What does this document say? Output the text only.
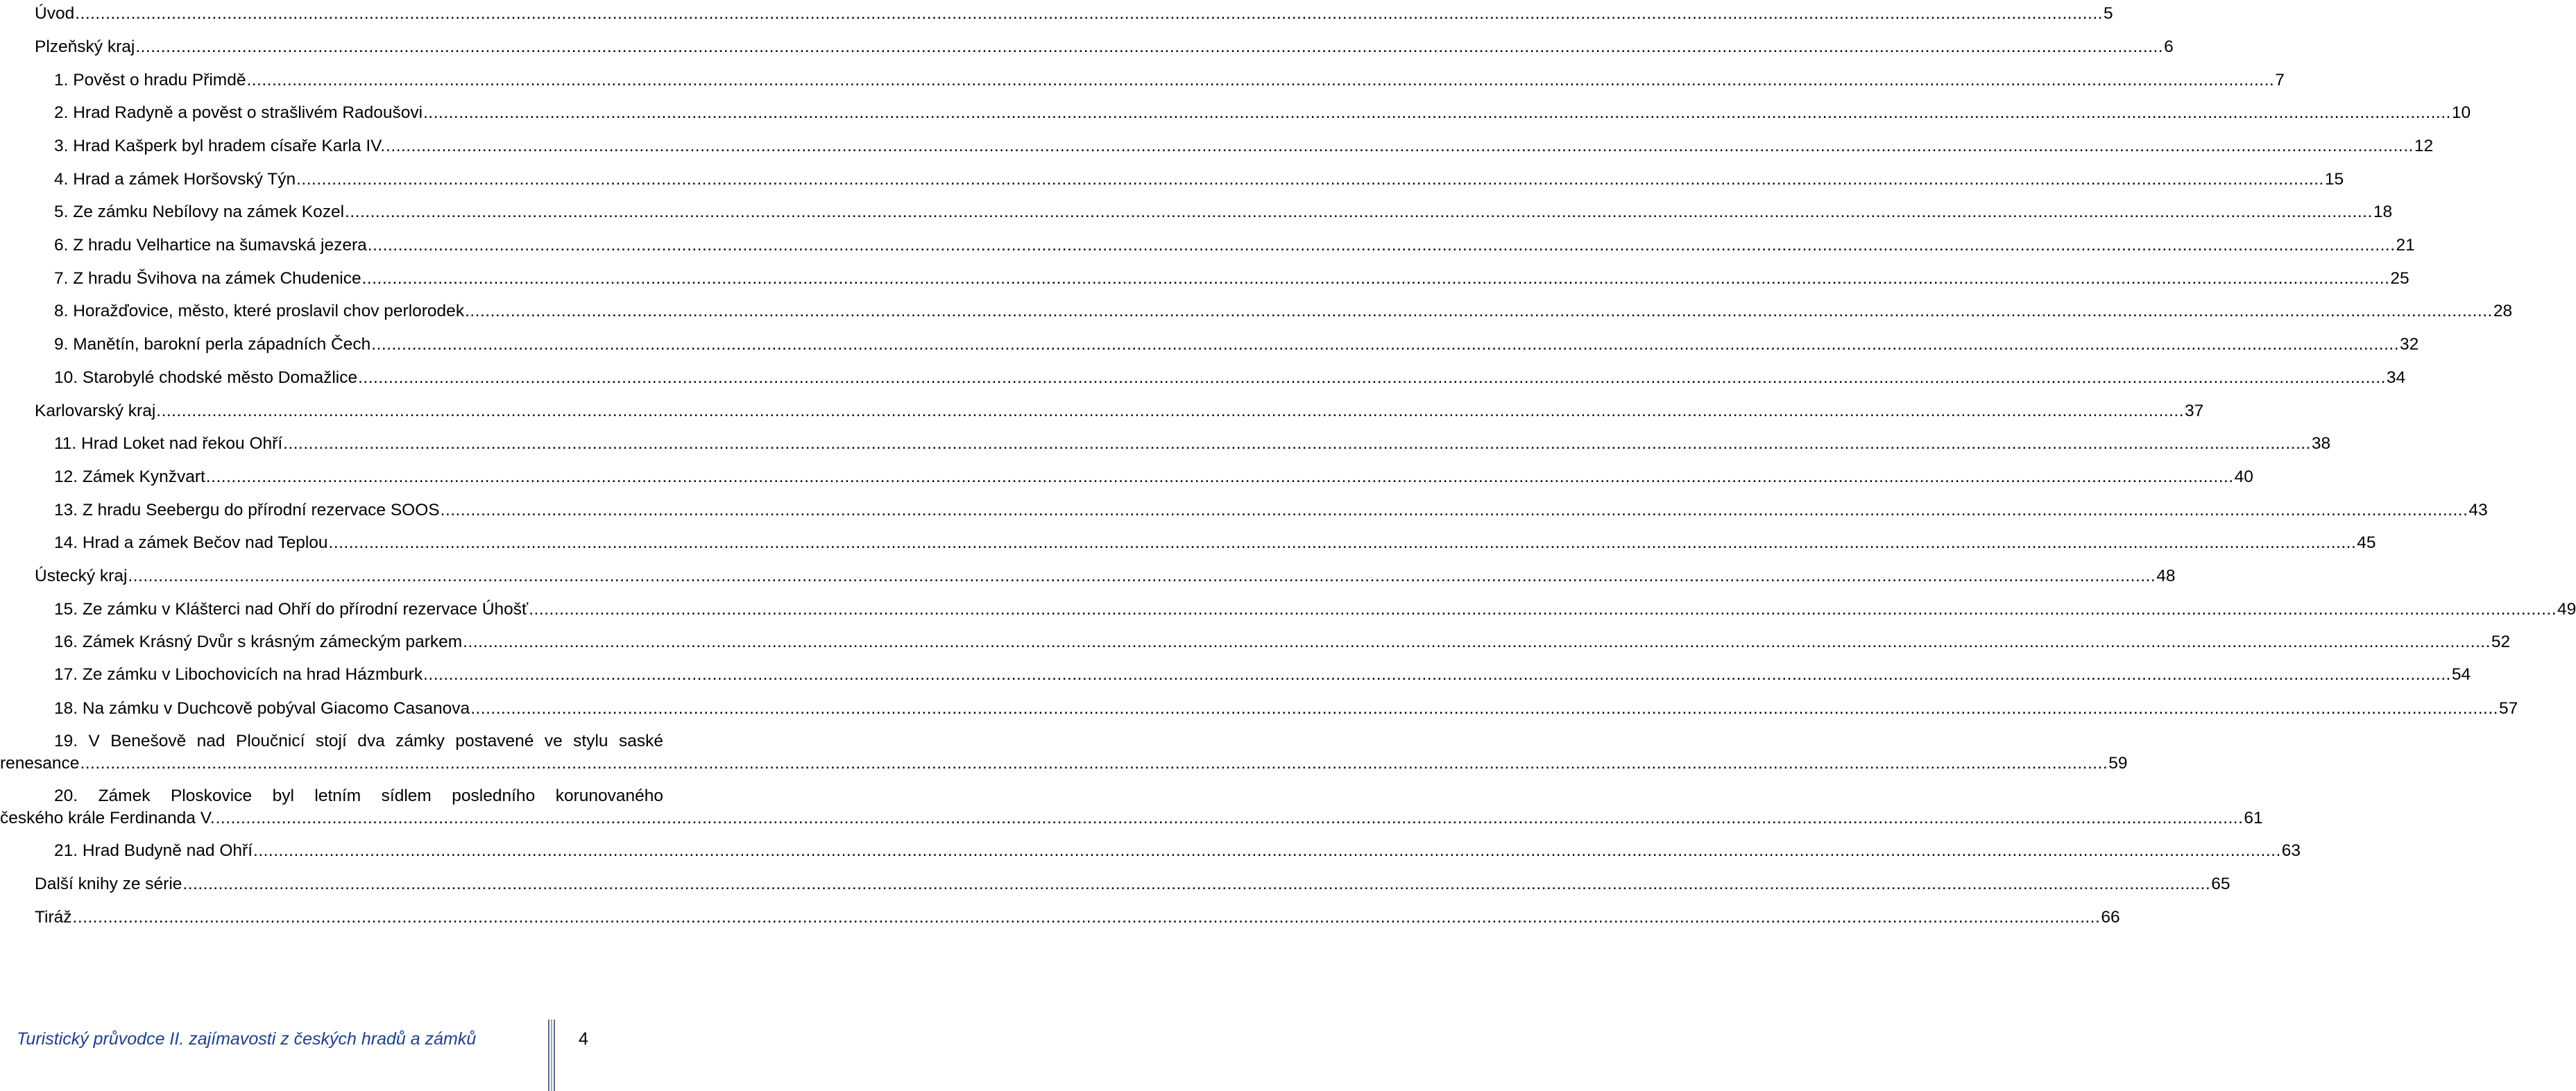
Úvod ................................................................................................................................................................................................................................................................................................................................................................................................................ 5
Plzeňský kraj ................................................................................................................................................................................................................................................................................................................................................................................................................ 6
1. Pověst o hradu Přimdě ................................................................................................................................................................................................................................................................................................................................................................................................................ 7
2. Hrad Radyně a pověst o strašlivém Radoušovi ................................................................................................................................................................................................................................................................................................................................................................................................................ 10
3. Hrad Kašperk byl hradem císaře Karla IV. ................................................................................................................................................................................................................................................................................................................................................................................................................ 12
4. Hrad a zámek Horšovský Týn ................................................................................................................................................................................................................................................................................................................................................................................................................ 15
5. Ze zámku Nebílovy na zámek Kozel ................................................................................................................................................................................................................................................................................................................................................................................................................ 18
6. Z hradu Velhartice na šumavská jezera ................................................................................................................................................................................................................................................................................................................................................................................................................ 21
7. Z hradu Švihova na zámek Chudenice ................................................................................................................................................................................................................................................................................................................................................................................................................ 25
8. Horažďovice, město, které proslavil chov perlorodek ................................................................................................................................................................................................................................................................................................................................................................................................................ 28
9. Manětín, barokní perla západních Čech ................................................................................................................................................................................................................................................................................................................................................................................................................ 32
10. Starobylé chodské město Domažlice ................................................................................................................................................................................................................................................................................................................................................................................................................ 34
Karlovarský kraj ................................................................................................................................................................................................................................................................................................................................................................................................................ 37
11. Hrad Loket nad řekou Ohří ................................................................................................................................................................................................................................................................................................................................................................................................................ 38
12. Zámek Kynžvart ................................................................................................................................................................................................................................................................................................................................................................................................................ 40
13. Z hradu Seebergu do přírodní rezervace SOOS ................................................................................................................................................................................................................................................................................................................................................................................................................ 43
14. Hrad a zámek Bečov nad Teplou ................................................................................................................................................................................................................................................................................................................................................................................................................ 45
Ústecký kraj ................................................................................................................................................................................................................................................................................................................................................................................................................ 48
15. Ze zámku v Klášterci nad Ohří do přírodní rezervace Úhošť ................................................................................................................................................................................................................................................................................................................................................................................................................ 49
16. Zámek Krásný Dvůr s krásným zámeckým parkem ................................................................................................................................................................................................................................................................................................................................................................................................................ 52
17. Ze zámku v Libochovicích na hrad Házmburk ................................................................................................................................................................................................................................................................................................................................................................................................................ 54
18. Na zámku v Duchcově pobýval Giacomo Casanova ................................................................................................................................................................................................................................................................................................................................................................................................................ 57
19. V Benešově nad Ploučnicí stojí dva zámky postavené ve stylu saské
renesance ................................................................................................................................................................................................................................................................................................................................................................................................................ 59
20. Zámek Ploskovice byl letním sídlem posledního korunovaného
českého krále Ferdinanda V. ................................................................................................................................................................................................................................................................................................................................................................................................................ 61
21. Hrad Budyně nad Ohří ................................................................................................................................................................................................................................................................................................................................................................................................................ 63
Další knihy ze série ................................................................................................................................................................................................................................................................................................................................................................................................................ 65
Tiráž ................................................................................................................................................................................................................................................................................................................................................................................................................ 66
Turistický průvodce II. zajímavosti z českých hradů a zámků	4
